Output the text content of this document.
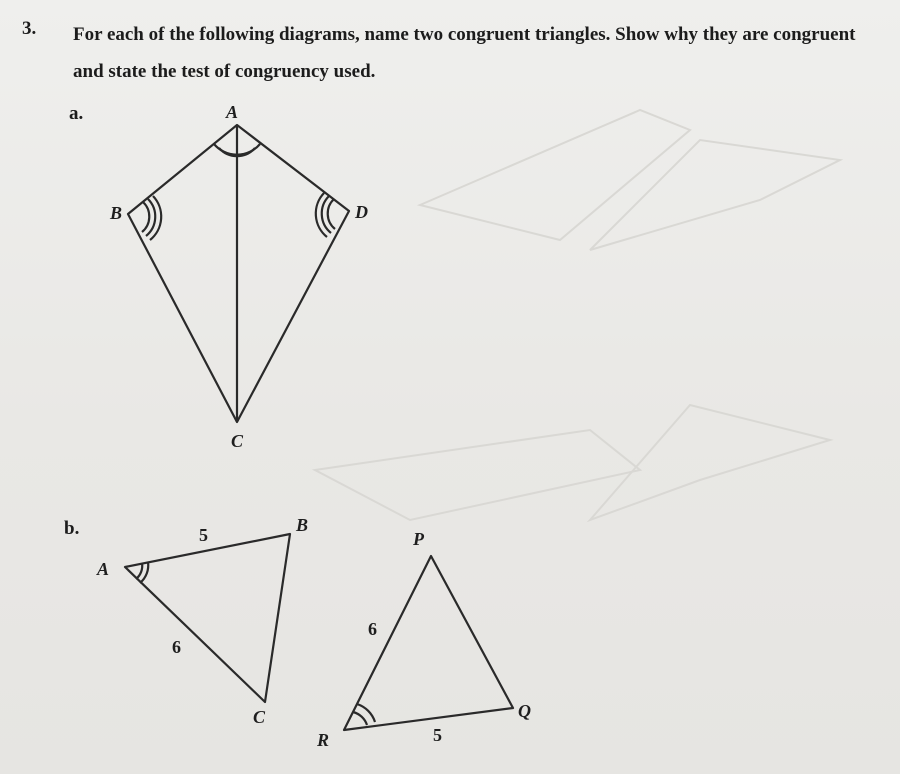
3. For each of the following diagrams, name two congruent triangles. Show why they are congruent and state the test of congruency used.
a.	A
B	D
C
b.
A
B
C
5
6
P
Q
R
6
5
